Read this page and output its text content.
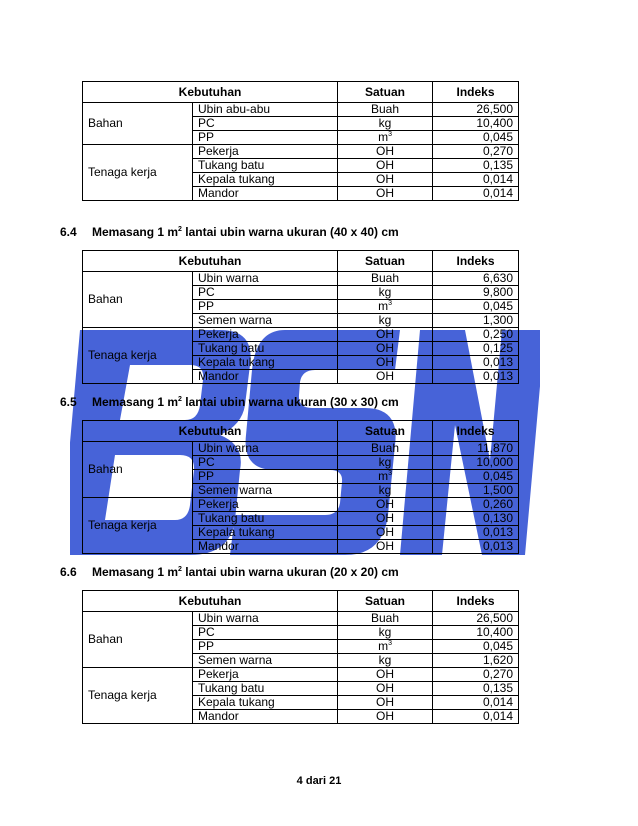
Kebutuhan		Satuan	Indeks
Bahan	Ubin abu-abu	Buah	26,500
	PC	kg	10,400
	PP	$m^3$	0,045
Tenaga kerja	Pekerja	OH	0,270
	Tukang batu	OH	0,135
	Kepala tukang	OH	0,014
	Mandor	OH	0,014
6.4 Memasang 1 $m^2$ lantai ubin warna ukuran (40 x 40) cm
Kebutuhan		Satuan	Indeks
Bahan	Ubin warna	Buah	6,630
	PC	kg	9,800
	PP	$m^3$	0,045
	Semen warna	kg	1,300
Tenaga kerja	Pekerja	OH	0,250
	Tukang batu	OH	0,125
	Kepala tukang	OH	0,013
	Mandor	OH	0,013
6.5 Memasang 1 $m^2$ lantai ubin warna ukuran (30 x 30) cm
Kebutuhan		Satuan	Indeks
Bahan	Ubin warna	Buah	11,870
	PC	kg	10,000
	PP	$m^3$	0,045
	Semen warna	kg	1,500
Tenaga kerja	Pekerja	OH	0,260
	Tukang batu	OH	0,130
	Kepala tukang	OH	0,013
	Mandor	OH	0,013
6.6 Memasang 1 $m^2$ lantai ubin warna ukuran (20 x 20) cm
Kebutuhan		Satuan	Indeks
Bahan	Ubin warna	Buah	26,500
	PC	kg	10,400
	PP	$m^3$	0,045
	Semen warna	kg	1,620
Tenaga kerja	Pekerja	OH	0,270
	Tukang batu	OH	0,135
	Kepala tukang	OH	0,014
	Mandor	OH	0,014
4 dari 21
